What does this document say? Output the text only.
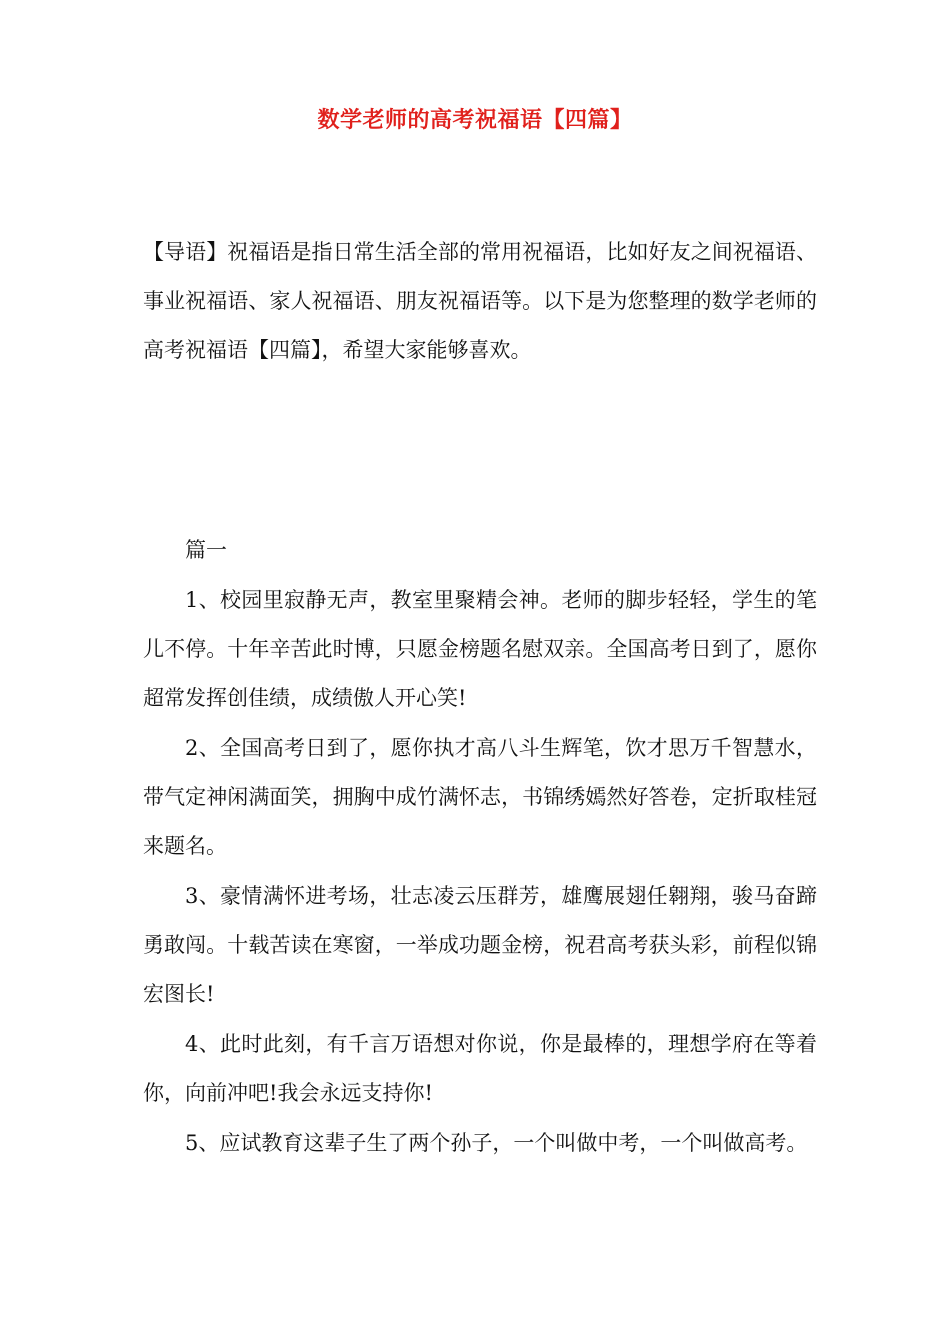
数学老师的高考祝福语【四篇】

【导语】祝福语是指日常生活全部的常用祝福语，比如好友之间祝福语、事业祝福语、家人祝福语、朋友祝福语等。以下是为您整理的数学老师的高考祝福语【四篇】，希望大家能够喜欢。

篇一

1、校园里寂静无声，教室里聚精会神。老师的脚步轻轻，学生的笔儿不停。十年辛苦此时博，只愿金榜题名慰双亲。全国高考日到了，愿你超常发挥创佳绩，成绩傲人开心笑!

2、全国高考日到了，愿你执才高八斗生辉笔，饮才思万千智慧水，带气定神闲满面笑，拥胸中成竹满怀志，书锦绣嫣然好答卷，定折取桂冠来题名。

3、豪情满怀进考场，壮志凌云压群芳，雄鹰展翅任翱翔，骏马奋蹄勇敢闯。十载苦读在寒窗，一举成功题金榜，祝君高考获头彩，前程似锦宏图长!

4、此时此刻，有千言万语想对你说，你是最棒的，理想学府在等着你，向前冲吧!我会永远支持你!

5、应试教育这辈子生了两个孙子，一个叫做中考，一个叫做高考。
